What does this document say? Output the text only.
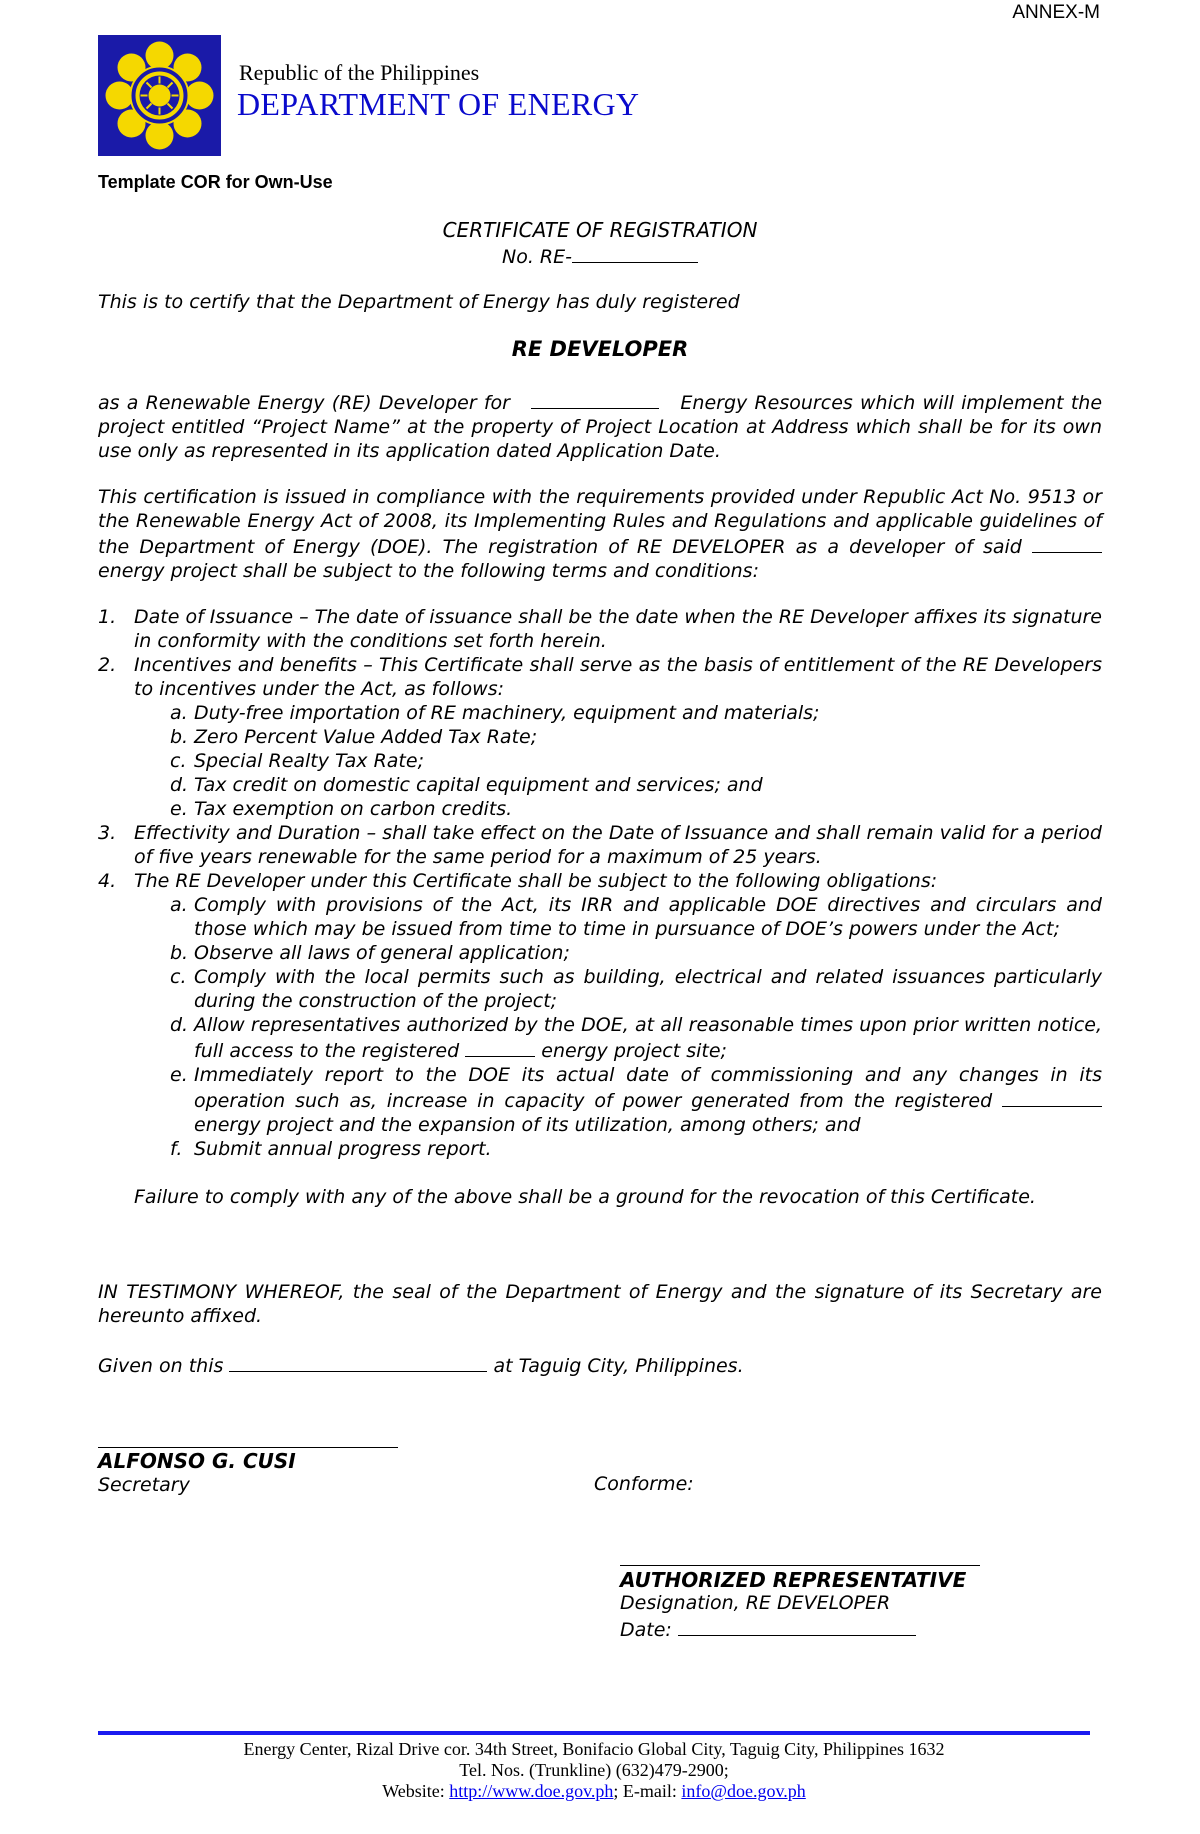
ANNEX-M
Republic of the Philippines
DEPARTMENT OF ENERGY
Template COR for Own-Use
CERTIFICATE OF REGISTRATION
No. RE-
This is to certify that the Department of Energy has duly registered
RE DEVELOPER
as a Renewable Energy (RE) Developer for	Energy Resources which will implement the project entitled “Project Name” at the property of Project Location at Address which shall be for its own use only as represented in its application dated Application Date.
This certification is issued in compliance with the requirements provided under Republic Act No. 9513 or the Renewable Energy Act of 2008, its Implementing Rules and Regulations and applicable guidelines of the Department of Energy (DOE). The registration of RE DEVELOPER as a developer of said energy project shall be subject to the following terms and conditions:
1. Date of Issuance – The date of issuance shall be the date when the RE Developer affixes its signature in conformity with the conditions set forth herein.
2. Incentives and benefits – This Certificate shall serve as the basis of entitlement of the RE Developers to incentives under the Act, as follows:
a. Duty-free importation of RE machinery, equipment and materials;
b. Zero Percent Value Added Tax Rate;
c. Special Realty Tax Rate;
d. Tax credit on domestic capital equipment and services; and
e. Tax exemption on carbon credits.
3. Effectivity and Duration – shall take effect on the Date of Issuance and shall remain valid for a period of five years renewable for the same period for a maximum of 25 years.
4. The RE Developer under this Certificate shall be subject to the following obligations:
a. Comply with provisions of the Act, its IRR and applicable DOE directives and circulars and those which may be issued from time to time in pursuance of DOE’s powers under the Act;
b. Observe all laws of general application;
c. Comply with the local permits such as building, electrical and related issuances particularly during the construction of the project;
d. Allow representatives authorized by the DOE, at all reasonable times upon prior written notice, full access to the registered	energy project site;
e. Immediately report to the DOE its actual date of commissioning and any changes in its operation such as, increase in capacity of power generated from the registered energy project and the expansion of its utilization, among others; and
f. Submit annual progress report.
Failure to comply with any of the above shall be a ground for the revocation of this Certificate.
IN TESTIMONY WHEREOF, the seal of the Department of Energy and the signature of its Secretary are hereunto affixed.
Given on this	at Taguig City, Philippines.
ALFONSO G. CUSI
Secretary	Conforme:
AUTHORIZED REPRESENTATIVE
Designation, RE DEVELOPER
Date:
Energy Center, Rizal Drive cor. 34th Street, Bonifacio Global City, Taguig City, Philippines 1632
Tel. Nos. (Trunkline) (632)479-2900;
Website: http://www.doe.gov.ph; E-mail: info@doe.gov.ph
